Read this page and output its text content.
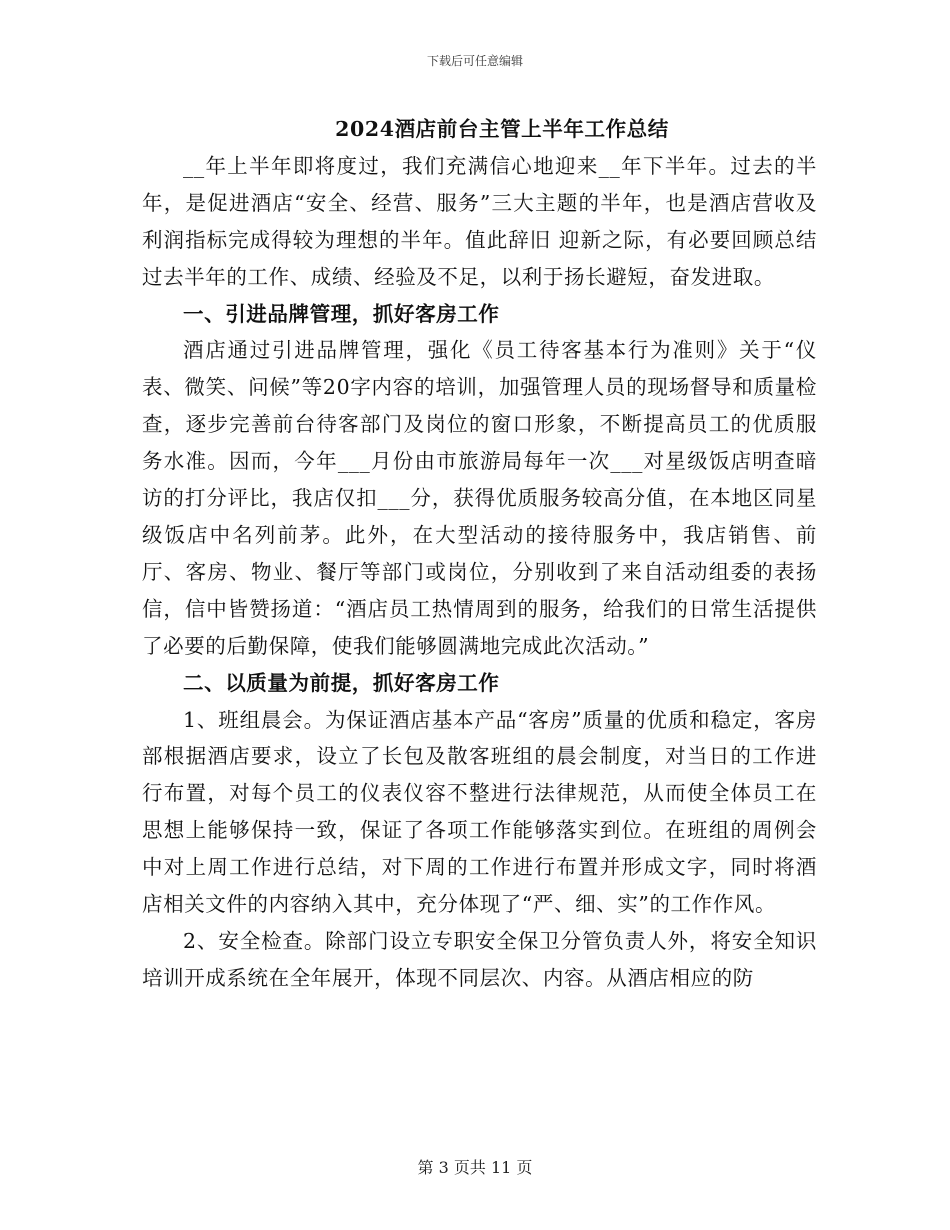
下载后可任意编辑
2024酒店前台主管上半年工作总结

__年上半年即将度过，我们充满信心地迎来__年下半年。过去的半年，是促进酒店“安全、经营、服务”三大主题的半年，也是酒店营收及利润指标完成得较为理想的半年。值此辞旧 迎新之际，有必要回顾总结过去半年的工作、成绩、经验及不足，以利于扬长避短，奋发进取。

一、引进品牌管理，抓好客房工作

酒店通过引进品牌管理，强化《员工待客基本行为准则》关于“仪表、微笑、问候”等20字内容的培训，加强管理人员的现场督导和质量检查，逐步完善前台待客部门及岗位的窗口形象，不断提高员工的优质服务水准。因而，今年___月份由市旅游局每年一次___对星级饭店明查暗访的打分评比，我店仅扣___分，获得优质服务较高分值，在本地区同星级饭店中名列前茅。此外，在大型活动的接待服务中，我店销售、前厅、客房、物业、餐厅等部门或岗位，分别收到了来自活动组委的表扬信，信中皆赞扬道：“酒店员工热情周到的服务，给我们的日常生活提供了必要的后勤保障，使我们能够圆满地完成此次活动。”

二、以质量为前提，抓好客房工作

1、班组晨会。为保证酒店基本产品“客房”质量的优质和稳定，客房部根据酒店要求，设立了长包及散客班组的晨会制度，对当日的工作进行布置，对每个员工的仪表仪容不整进行法律规范，从而使全体员工在思想上能够保持一致，保证了各项工作能够落实到位。在班组的周例会中对上周工作进行总结，对下周的工作进行布置并形成文字，同时将酒店相关文件的内容纳入其中，充分体现了“严、细、实”的工作作风。

2、安全检查。除部门设立专职安全保卫分管负责人外，将安全知识培训开成系统在全年展开，体现不同层次、内容。从酒店相应的防

第 3 页共 11 页
